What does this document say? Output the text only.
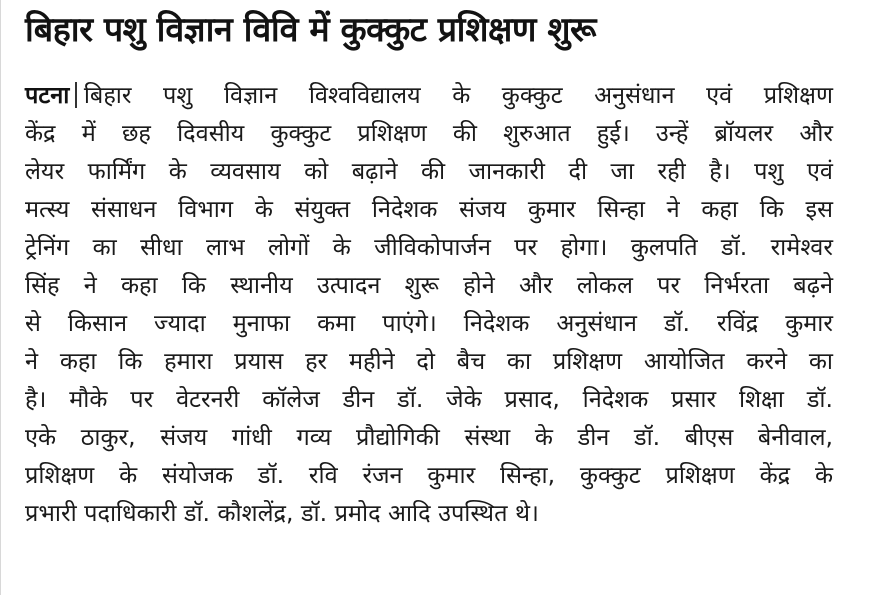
बिहार पशु विज्ञान विवि में कुक्कुट प्रशिक्षण शुरू
पटना बिहार पशु विज्ञान विश्वविद्यालय के कुक्कुट अनुसंधान एवं प्रशिक्षण
केंद्र में छह दिवसीय कुक्कुट प्रशिक्षण की शुरुआत हुई। उन्हें ब्रॉयलर और
लेयर फार्मिंग के व्यवसाय को बढ़ाने की जानकारी दी जा रही है। पशु एवं
मत्स्य संसाधन विभाग के संयुक्त निदेशक संजय कुमार सिन्हा ने कहा कि इस
ट्रेनिंग का सीधा लाभ लोगों के जीविकोपार्जन पर होगा। कुलपति डॉ. रामेश्वर
सिंह ने कहा कि स्थानीय उत्पादन शुरू होने और लोकल पर निर्भरता बढ़ने
से किसान ज्यादा मुनाफा कमा पाएंगे। निदेशक अनुसंधान डॉ. रविंद्र कुमार
ने कहा कि हमारा प्रयास हर महीने दो बैच का प्रशिक्षण आयोजित करने का
है। मौके पर वेटरनरी कॉलेज डीन डॉ. जेके प्रसाद, निदेशक प्रसार शिक्षा डॉ.
एके ठाकुर, संजय गांधी गव्य प्रौद्योगिकी संस्था के डीन डॉ. बीएस बेनीवाल,
प्रशिक्षण के संयोजक डॉ. रवि रंजन कुमार सिन्हा, कुक्कुट प्रशिक्षण केंद्र के
प्रभारी पदाधिकारी डॉ. कौशलेंद्र, डॉ. प्रमोद आदि उपस्थित थे।
